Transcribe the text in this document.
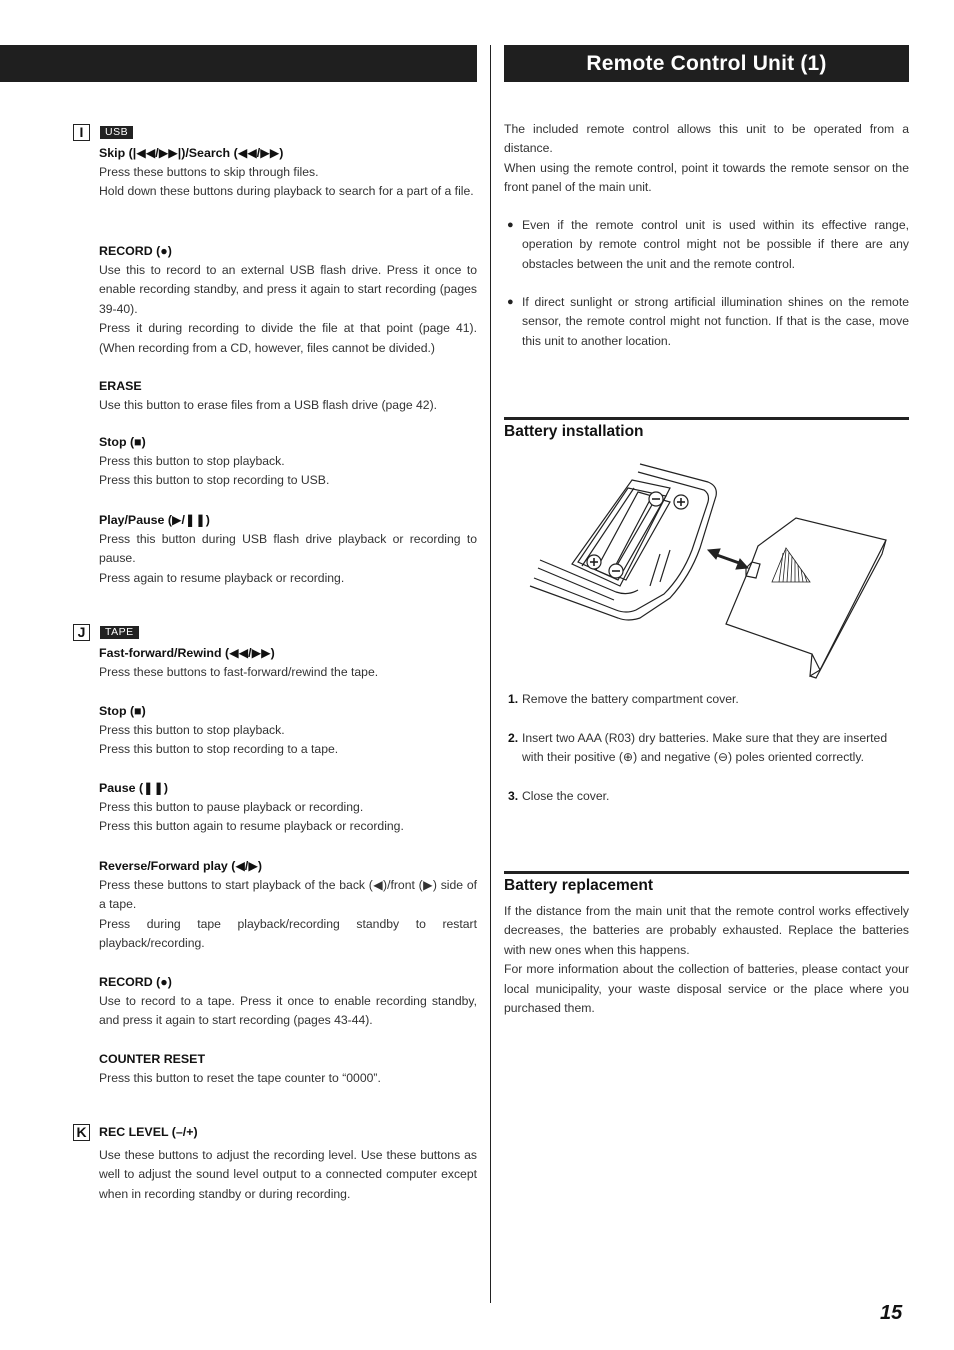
Remote Control Unit (1)
I	USB
Skip (|◀◀/▶▶|)/Search (◀◀/▶▶)

Press these buttons to skip through files.

Hold down these buttons during playback to search for a part of a file.

RECORD (●)

Use this to record to an external USB flash drive. Press it once to enable recording standby, and press it again to start recording (pages 39-40).

Press it during recording to divide the file at that point (page 41). (When recording from a CD, however, files cannot be divided.)

ERASE

Use this button to erase files from a USB flash drive (page 42).

Stop (■)

Press this button to stop playback.

Press this button to stop recording to USB.

Play/Pause (▶/❚❚)

Press this button during USB flash drive playback or recording to pause.

Press again to resume playback or recording.

J	TAPE
Fast-forward/Rewind (◀◀/▶▶)

Press these buttons to fast-forward/rewind the tape.

Stop (■)

Press this button to stop playback.

Press this button to stop recording to a tape.

Pause (❚❚)

Press this button to pause playback or recording.

Press this button again to resume playback or recording.

Reverse/Forward play (◀/▶)

Press these buttons to start playback of the back (◀)/front (▶) side of a tape.

Press during tape playback/recording standby to restart playback/recording.

RECORD (●)

Use to record to a tape. Press it once to enable recording standby, and press it again to start recording (pages 43-44).

COUNTER RESET

Press this button to reset the tape counter to “0000”.

K REC LEVEL (–/+)

Use these buttons to adjust the recording level. Use these buttons as well to adjust the sound level output to a connected computer except when in recording standby or during recording.

The included remote control allows this unit to be operated from a distance.

When using the remote control, point it towards the remote sensor on the front panel of the main unit.

● Even if the remote control unit is used within its effective range, operation by remote control might not be possible if there are any obstacles between the unit and the remote control.
● If direct sunlight or strong artificial illumination shines on the remote sensor, the remote control might not function. If that is the case, move this unit to another location.
Battery installation
1. Remove the battery compartment cover.
2. Insert two AAA (R03) dry batteries. Make sure that they are inserted with their positive (⊕) and negative (⊖) poles oriented correctly.
3. Close the cover.
Battery replacement

If the distance from the main unit that the remote control works effectively decreases, the batteries are probably exhausted. Replace the batteries with new ones when this happens.

For more information about the collection of batteries, please contact your local municipality, your waste disposal service or the place where you purchased them.

15
